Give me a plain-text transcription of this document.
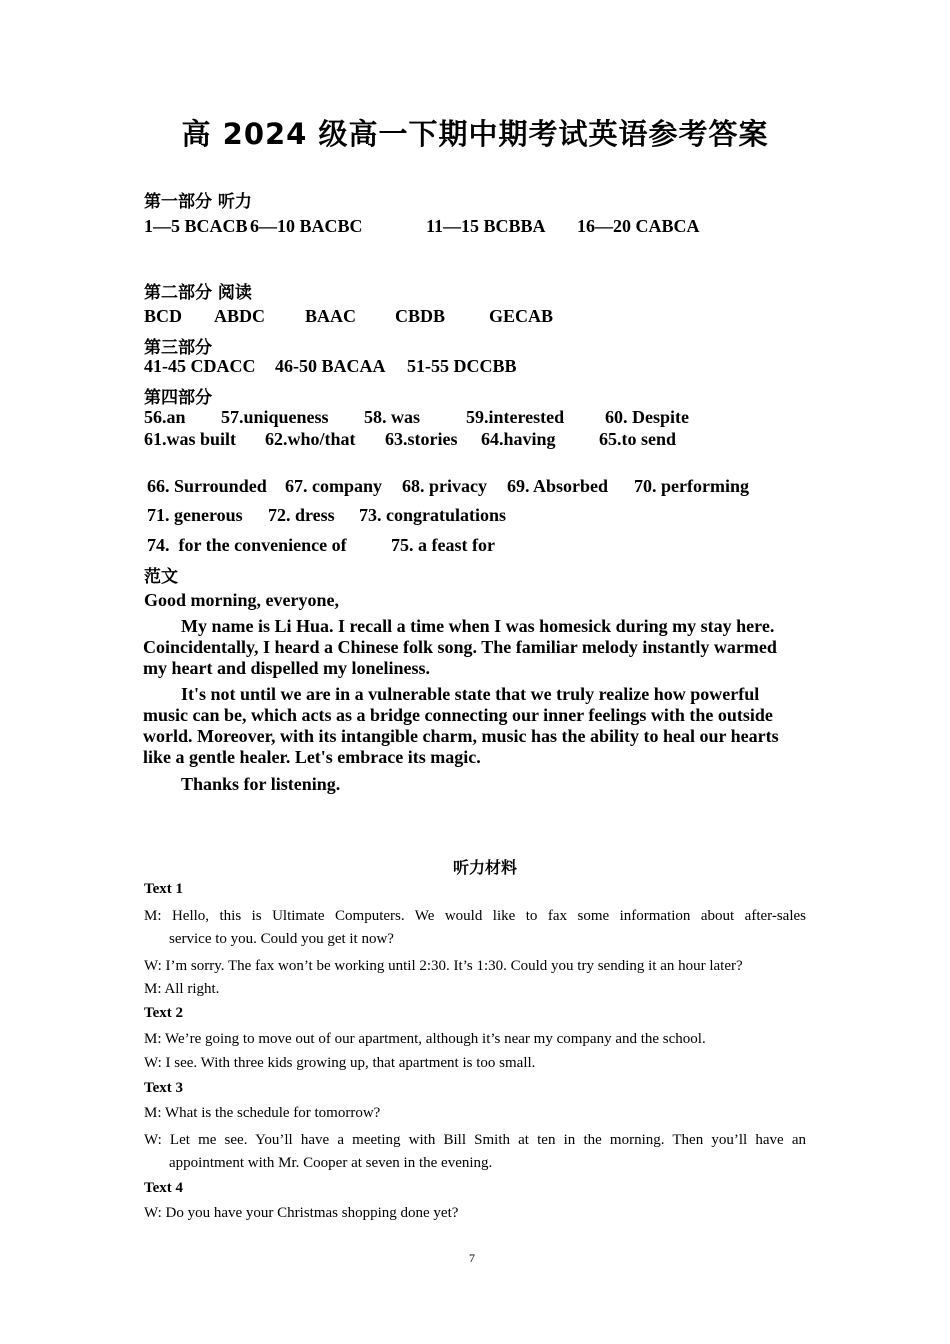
高 2024 级高一下期中期考试英语参考答案
第一部分 听力
1—5 BCACB 6—10 BACBC	11—15 BCBBA 16—20 CABCA
第二部分 阅读
BCD ABDC BAAC CBDB GECAB
第三部分
41-45 CDACC 46-50 BACAA 51-55 DCCBB
第四部分
56.an 57.uniqueness 58. was	59.interested 60. Despite
61.was built 62.who/that 63.stories 64.having 65.to send
66. Surrounded 67. company 68. privacy 69. Absorbed 70. performing
71. generous 72. dress 73. congratulations
74.  for the convenience of 75. a feast for
范文
Good morning, everyone,
My name is Li Hua. I recall a time when I was homesick during my stay here. Coincidentally, I heard a Chinese folk song. The familiar melody instantly warmed my heart and dispelled my loneliness.
It's not until we are in a vulnerable state that we truly realize how powerful music can be, which acts as a bridge connecting our inner feelings with the outside world. Moreover, with its intangible charm, music has the ability to heal our hearts like a gentle healer. Let's embrace its magic.
Thanks for listening.
听力材料
Text 1
M: Hello, this is Ultimate Computers. We would like to fax some information about after-sales
service to you. Could you get it now?
W: I’m sorry. The fax won’t be working until 2:30. It’s 1:30. Could you try sending it an hour later?
M: All right.
Text 2
M: We’re going to move out of our apartment, although it’s near my company and the school.
W: I see. With three kids growing up, that apartment is too small.
Text 3
M: What is the schedule for tomorrow?
W: Let me see. You’ll have a meeting with Bill Smith at ten in the morning. Then you’ll have an
appointment with Mr. Cooper at seven in the evening.
Text 4
W: Do you have your Christmas shopping done yet?
7
